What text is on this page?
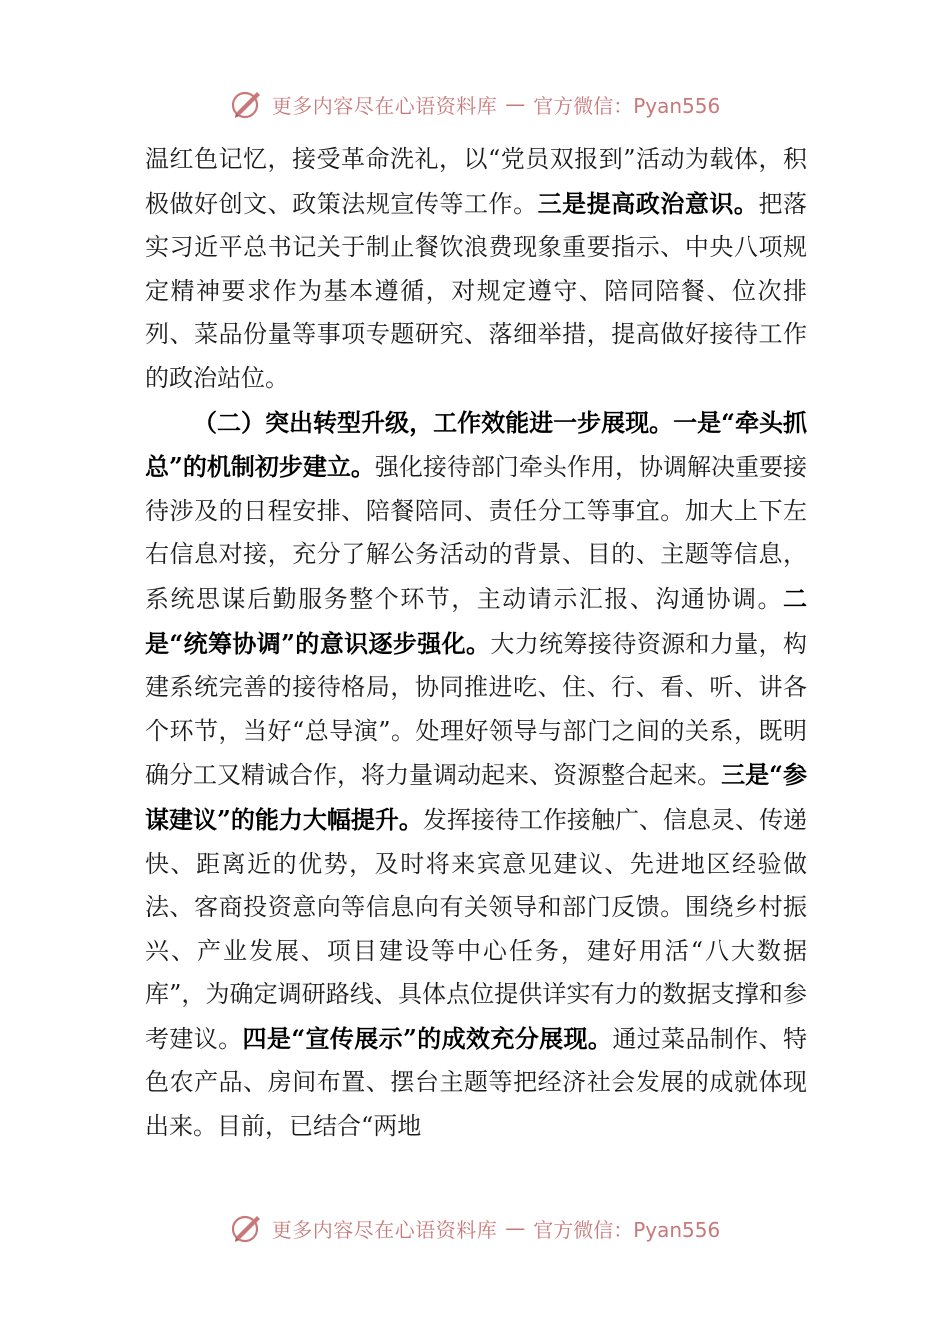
更多内容尽在心语资料库 — 官方微信：Pyan556

温红色记忆，接受革命洗礼，以“党员双报到”活动为载体，积极做好创文、政策法规宣传等工作。三是提高政治意识。把落实习近平总书记关于制止餐饮浪费现象重要指示、中央八项规定精神要求作为基本遵循，对规定遵守、陪同陪餐、位次排列、菜品份量等事项专题研究、落细举措，提高做好接待工作的政治站位。

（二）突出转型升级，工作效能进一步展现。一是“牵头抓总”的机制初步建立。强化接待部门牵头作用，协调解决重要接待涉及的日程安排、陪餐陪同、责任分工等事宜。加大上下左右信息对接，充分了解公务活动的背景、目的、主题等信息，系统思谋后勤服务整个环节，主动请示汇报、沟通协调。二是“统筹协调”的意识逐步强化。大力统筹接待资源和力量，构建系统完善的接待格局，协同推进吃、住、行、看、听、讲各个环节，当好“总导演”。处理好领导与部门之间的关系，既明确分工又精诚合作，将力量调动起来、资源整合起来。三是“参谋建议”的能力大幅提升。发挥接待工作接触广、信息灵、传递快、距离近的优势，及时将来宾意见建议、先进地区经验做法、客商投资意向等信息向有关领导和部门反馈。围绕乡村振兴、产业发展、项目建设等中心任务，建好用活“八大数据库”，为确定调研路线、具体点位提供详实有力的数据支撑和参考建议。四是“宣传展示”的成效充分展现。通过菜品制作、特色农产品、房间布置、摆台主题等把经济社会发展的成就体现出来。目前，已结合“两地

更多内容尽在心语资料库 — 官方微信：Pyan556
